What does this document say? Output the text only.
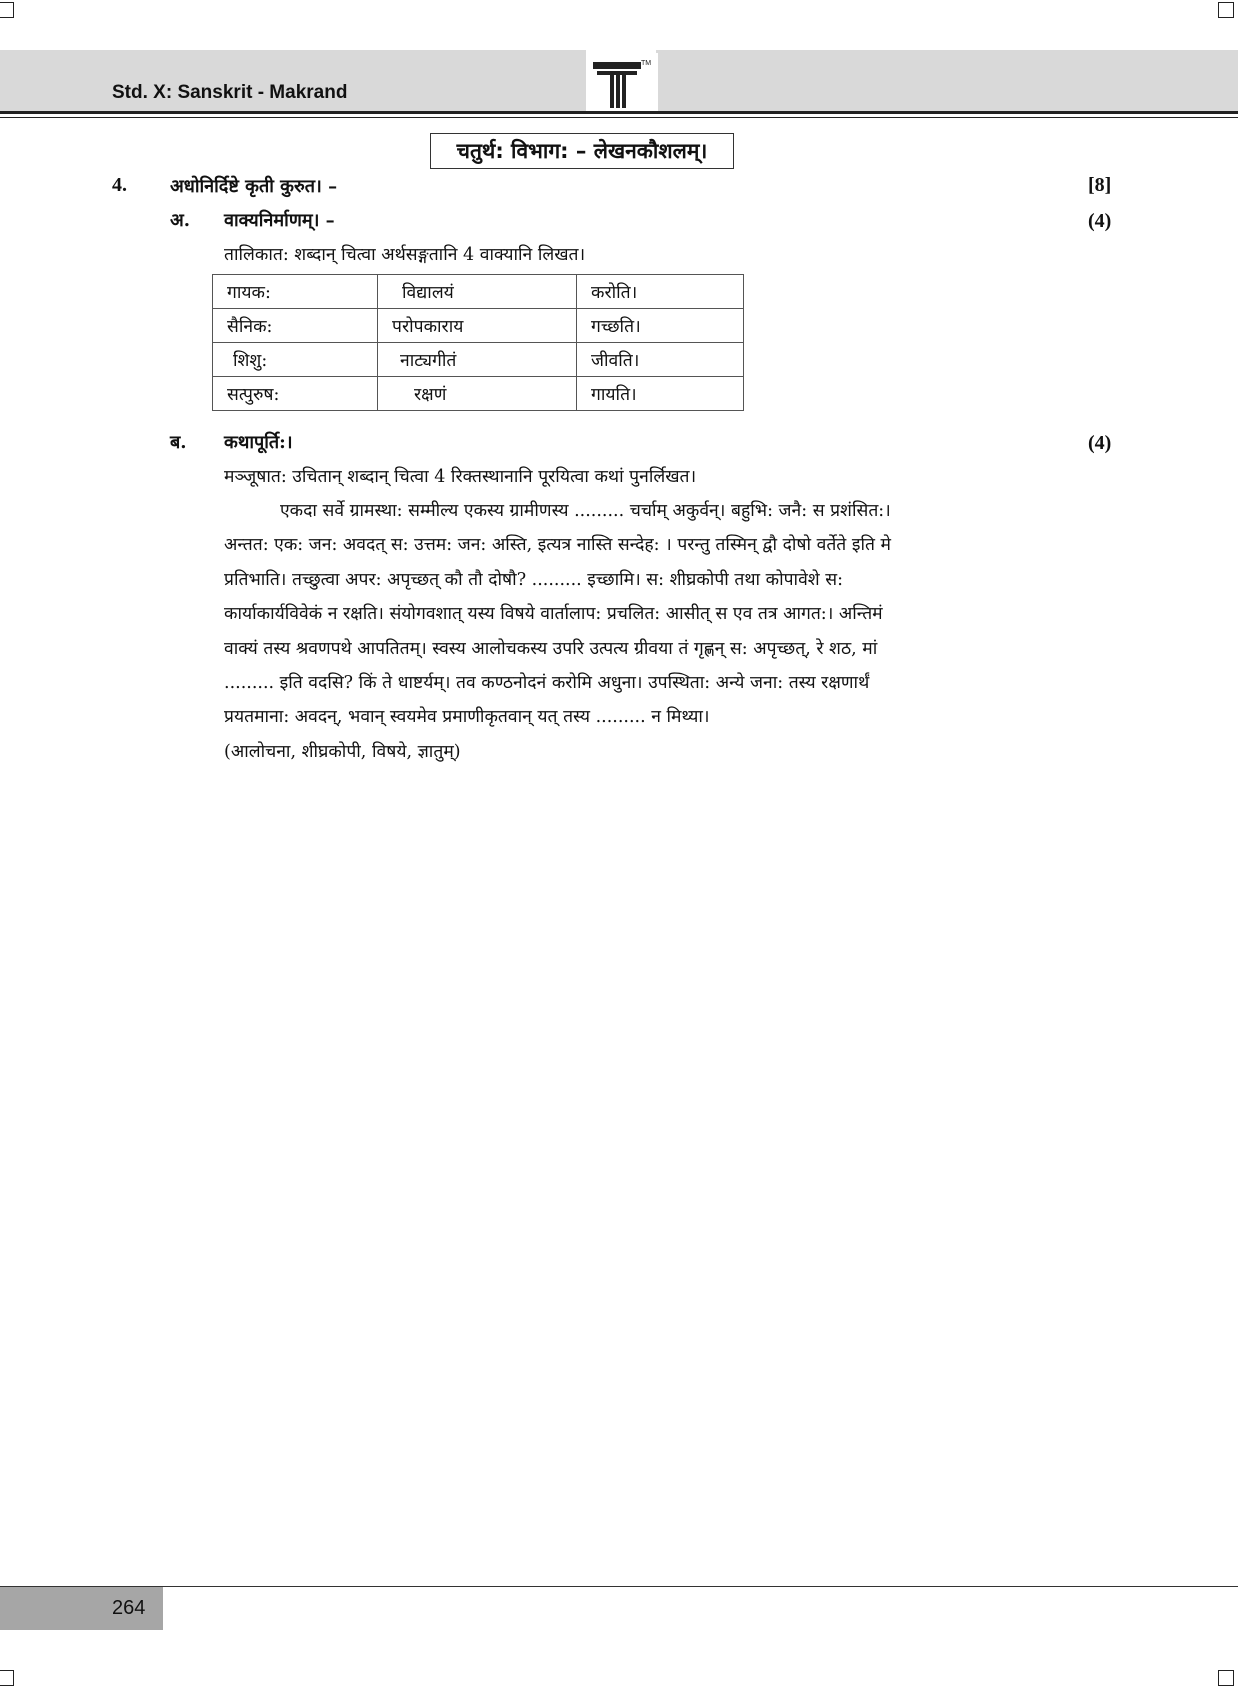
Std. X: Sanskrit - Makrand
TM
चतुर्थ: विभाग: – लेखनकौशलम्।
4. अधोनिर्दिष्टे कृती कुरुत। –	[8]
अ. वाक्यनिर्माणम्। –	(4)
तालिकात: शब्दान् चित्वा अर्थसङ्गतानि 4 वाक्यानि लिखत।
गायक:	विद्यालयं	करोति।
सैनिक:	परोपकाराय	गच्छति।
शिशु:	नाट्यगीतं	जीवति।
सत्पुरुष:	रक्षणं	गायति।
ब. कथापूर्ति:।	(4)
मञ्जूषात: उचितान् शब्दान् चित्वा 4 रिक्तस्थानानि पूरयित्वा कथां पुनर्लिखत।
एकदा सर्वे ग्रामस्था: सम्मील्य एकस्य ग्रामीणस्य ......... चर्चाम् अकुर्वन्। बहुभि: जनै: स प्रशंसित:।
अन्तत: एक: जन: अवदत् स: उत्तम: जन: अस्ति, इत्यत्र नास्ति सन्देह: । परन्तु तस्मिन् द्वौ दोषो वर्तेते इति मे
प्रतिभाति। तच्छुत्वा अपर: अपृच्छत् कौ तौ दोषौ? ......... इच्छामि। स: शीघ्रकोपी तथा कोपावेशे स:
कार्याकार्यविवेकं न रक्षति। संयोगवशात् यस्य विषये वार्तालाप: प्रचलित: आसीत् स एव तत्र आगत:। अन्तिमं
वाक्यं तस्य श्रवणपथे आपतितम्। स्वस्य आलोचकस्य उपरि उत्पत्य ग्रीवया तं गृह्णन् स: अपृच्छत्, रे शठ, मां
......... इति वदसि? किं ते धाष्टर्यम्। तव कण्ठनोदनं करोमि अधुना। उपस्थिता: अन्ये जना: तस्य रक्षणार्थं
प्रयतमाना: अवदन्, भवान् स्वयमेव प्रमाणीकृतवान् यत् तस्य ......... न मिथ्या।
(आलोचना, शीघ्रकोपी, विषये, ज्ञातुम्)
264
